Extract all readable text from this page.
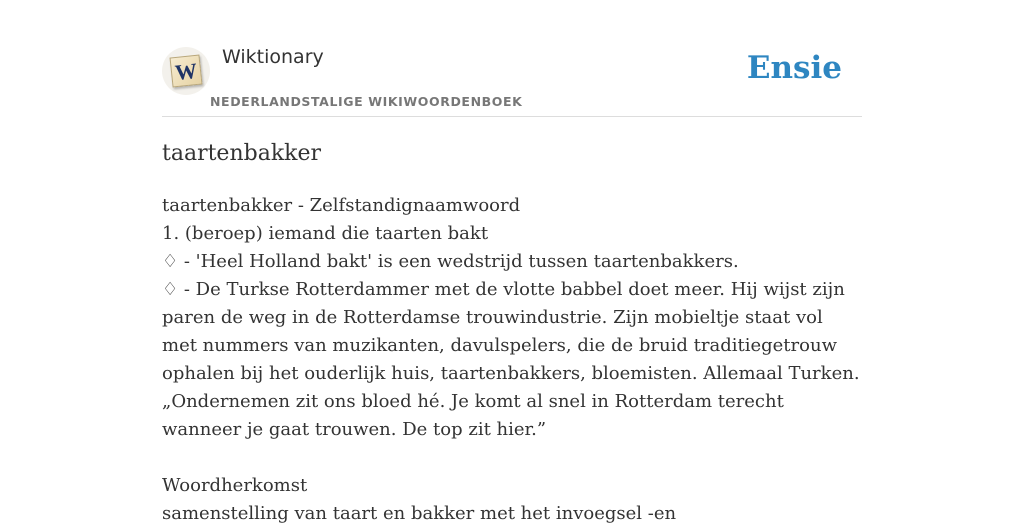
W
Wiktionary
NEDERLANDSTALIGE WIKIWOORDENBOEK
Ensie
taartenbakker

taartenbakker - Zelfstandignaamwoord

1. (beroep) iemand die taarten bakt

♢ - 'Heel Holland bakt' is een wedstrijd tussen taartenbakkers.

♢ - De Turkse Rotterdammer met de vlotte babbel doet meer. Hij wijst zijn paren de weg in de Rotterdamse trouwindustrie. Zijn mobieltje staat vol met nummers van muzikanten, davulspelers, die de bruid traditiegetrouw ophalen bij het ouderlijk huis, taartenbakkers, bloemisten. Allemaal Turken. „Ondernemen zit ons bloed hé. Je komt al snel in Rotterdam terecht wanneer je gaat trouwen. De top zit hier.”

Woordherkomst

samenstelling van taart en bakker met het invoegsel -en
